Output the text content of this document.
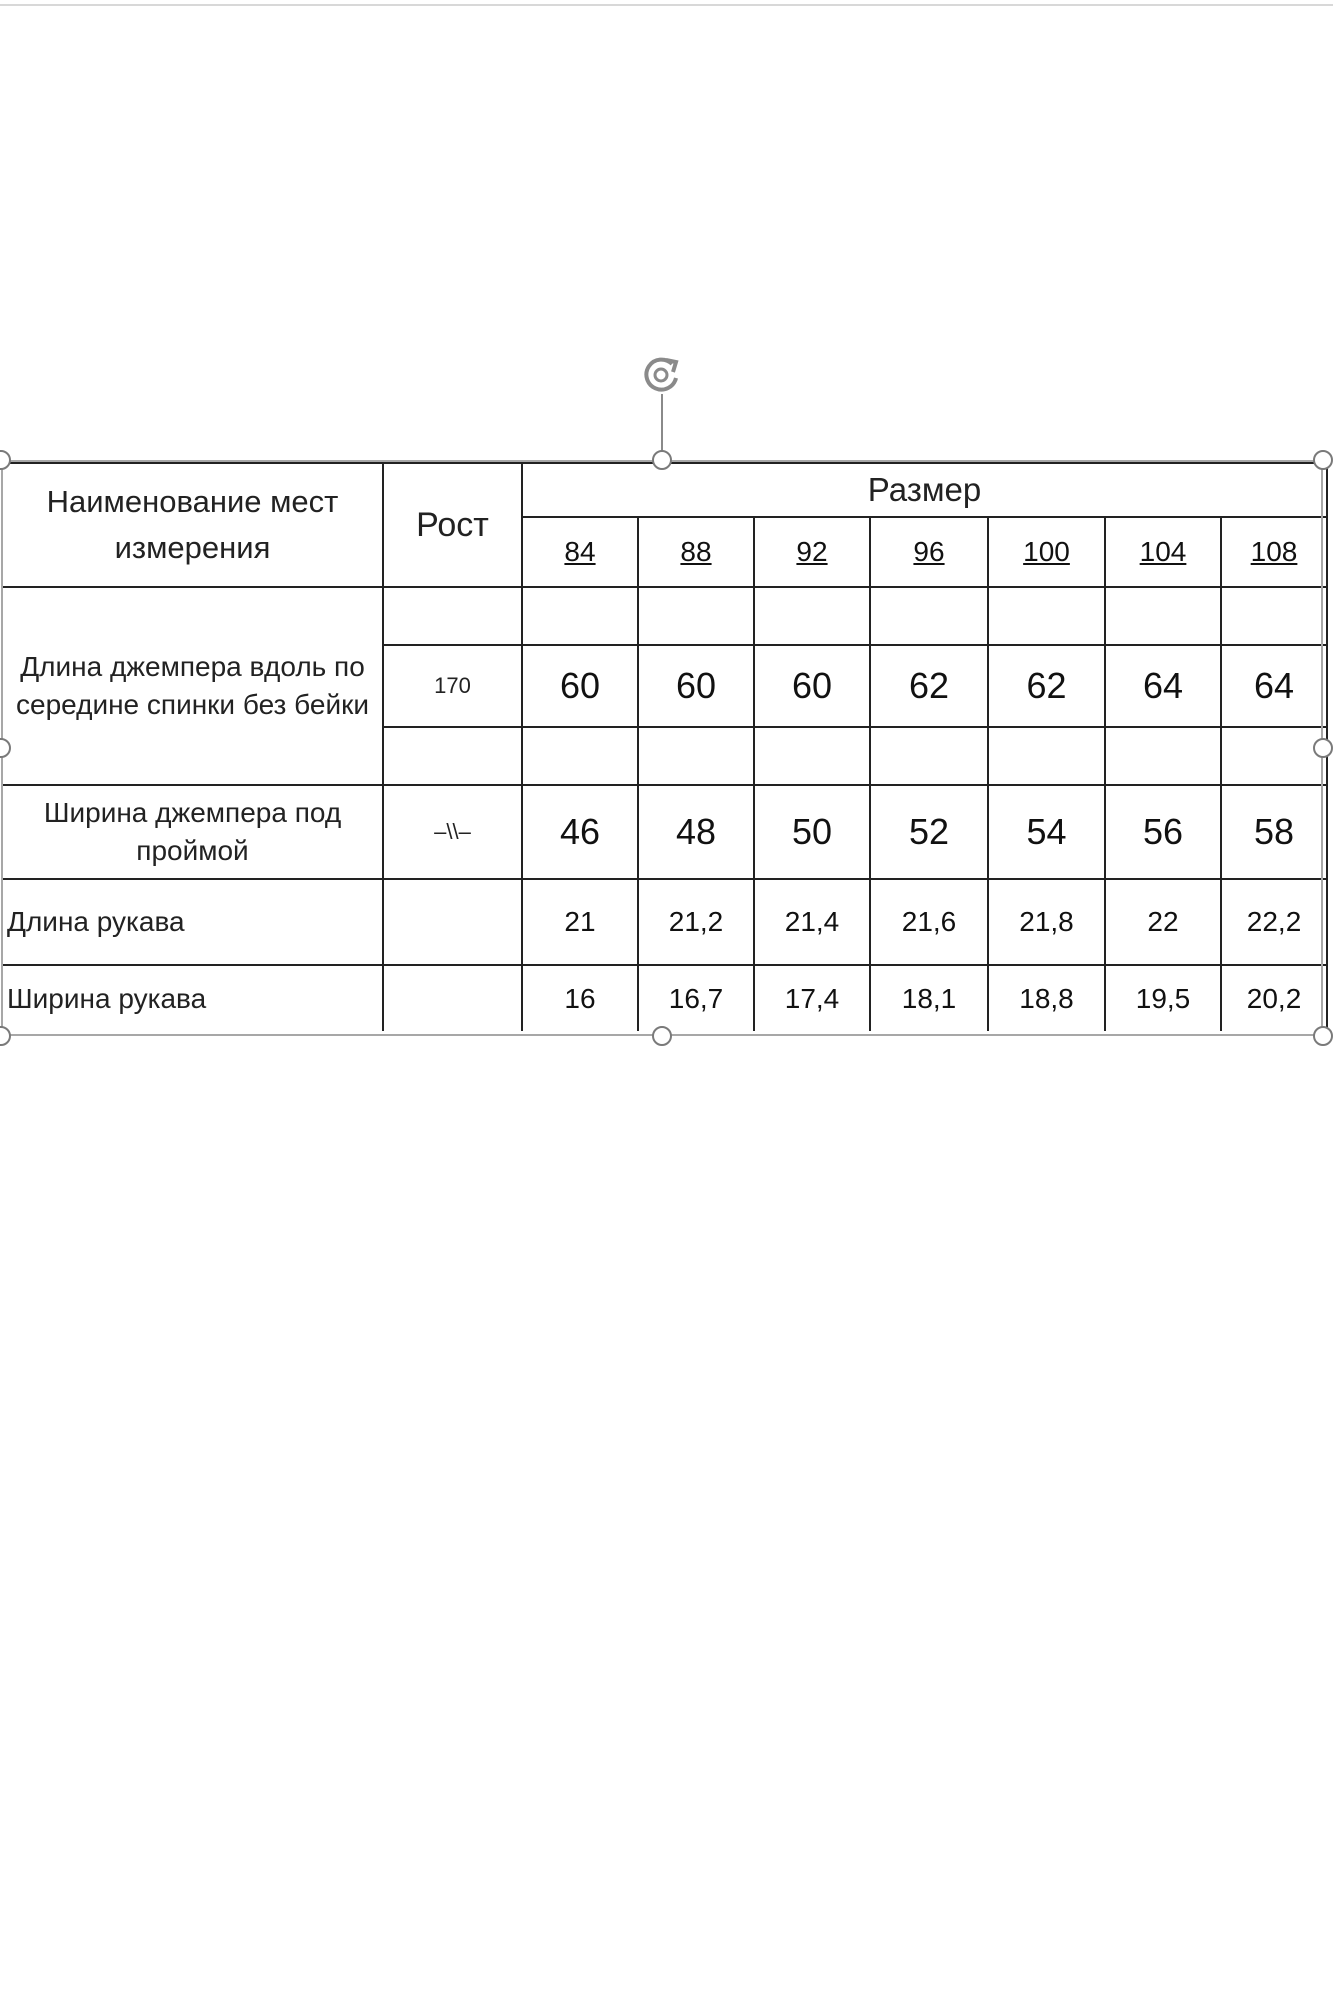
Наименование мест
измерения	Рост	Размер						
		84	88	92	96	100	104	108

Длина джемпера вдоль по
середине спинки без бейки								

	170	60	60	60	62	62	64	64

Ширина джемпера под
проймой	–\\–	46	48	50	52	54	56	58
Длина рукава		21	21,2	21,4	21,6	21,8	22	22,2
Ширина рукава		16	16,7	17,4	18,1	18,8	19,5	20,2
